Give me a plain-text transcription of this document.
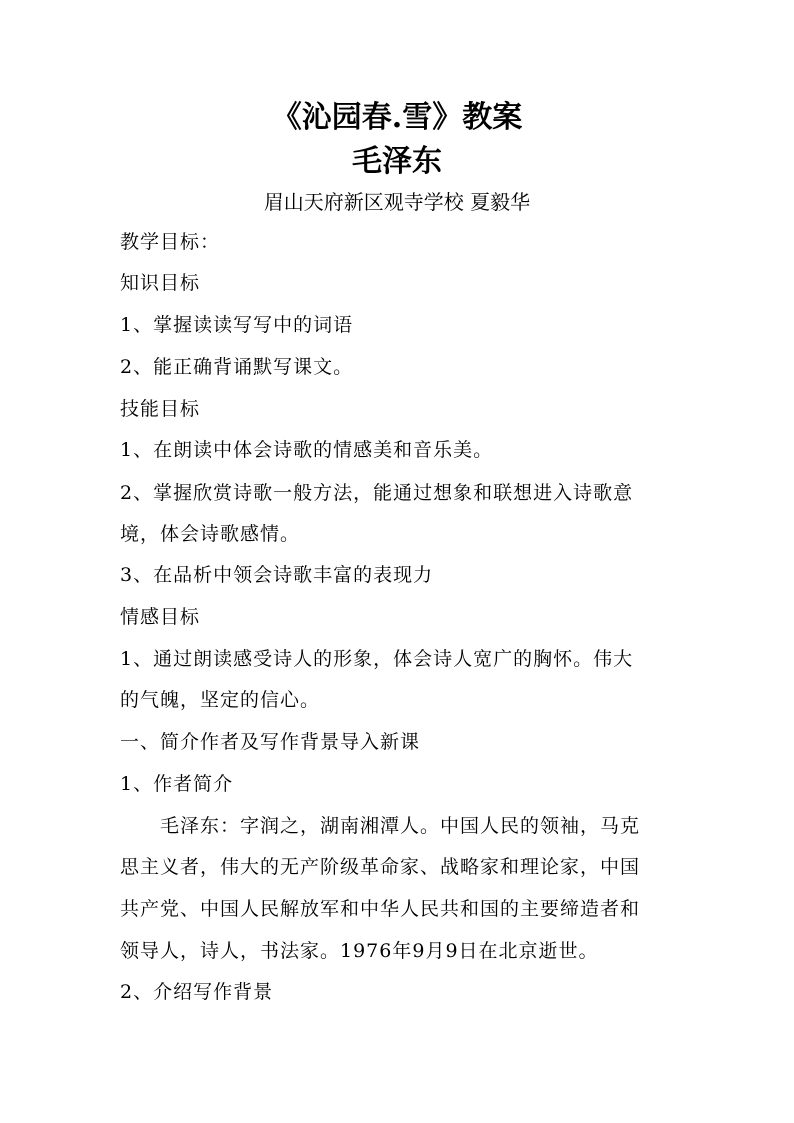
《沁园春.雪》教案
毛泽东
眉山天府新区观寺学校 夏毅华
教学目标：
知识目标
1、掌握读读写写中的词语
2、能正确背诵默写课文。
技能目标
1、在朗读中体会诗歌的情感美和音乐美。
2、掌握欣赏诗歌一般方法，能通过想象和联想进入诗歌意
境，体会诗歌感情。
3、在品析中领会诗歌丰富的表现力
情感目标
1、通过朗读感受诗人的形象，体会诗人宽广的胸怀。伟大
的气魄，坚定的信心。
一、简介作者及写作背景导入新课
1、作者简介
毛泽东：字润之，湖南湘潭人。中国人民的领袖，马克
思主义者，伟大的无产阶级革命家、战略家和理论家，中国
共产党、中国人民解放军和中华人民共和国的主要缔造者和
领导人，诗人，书法家。1976年9月9日在北京逝世。
2、介绍写作背景
